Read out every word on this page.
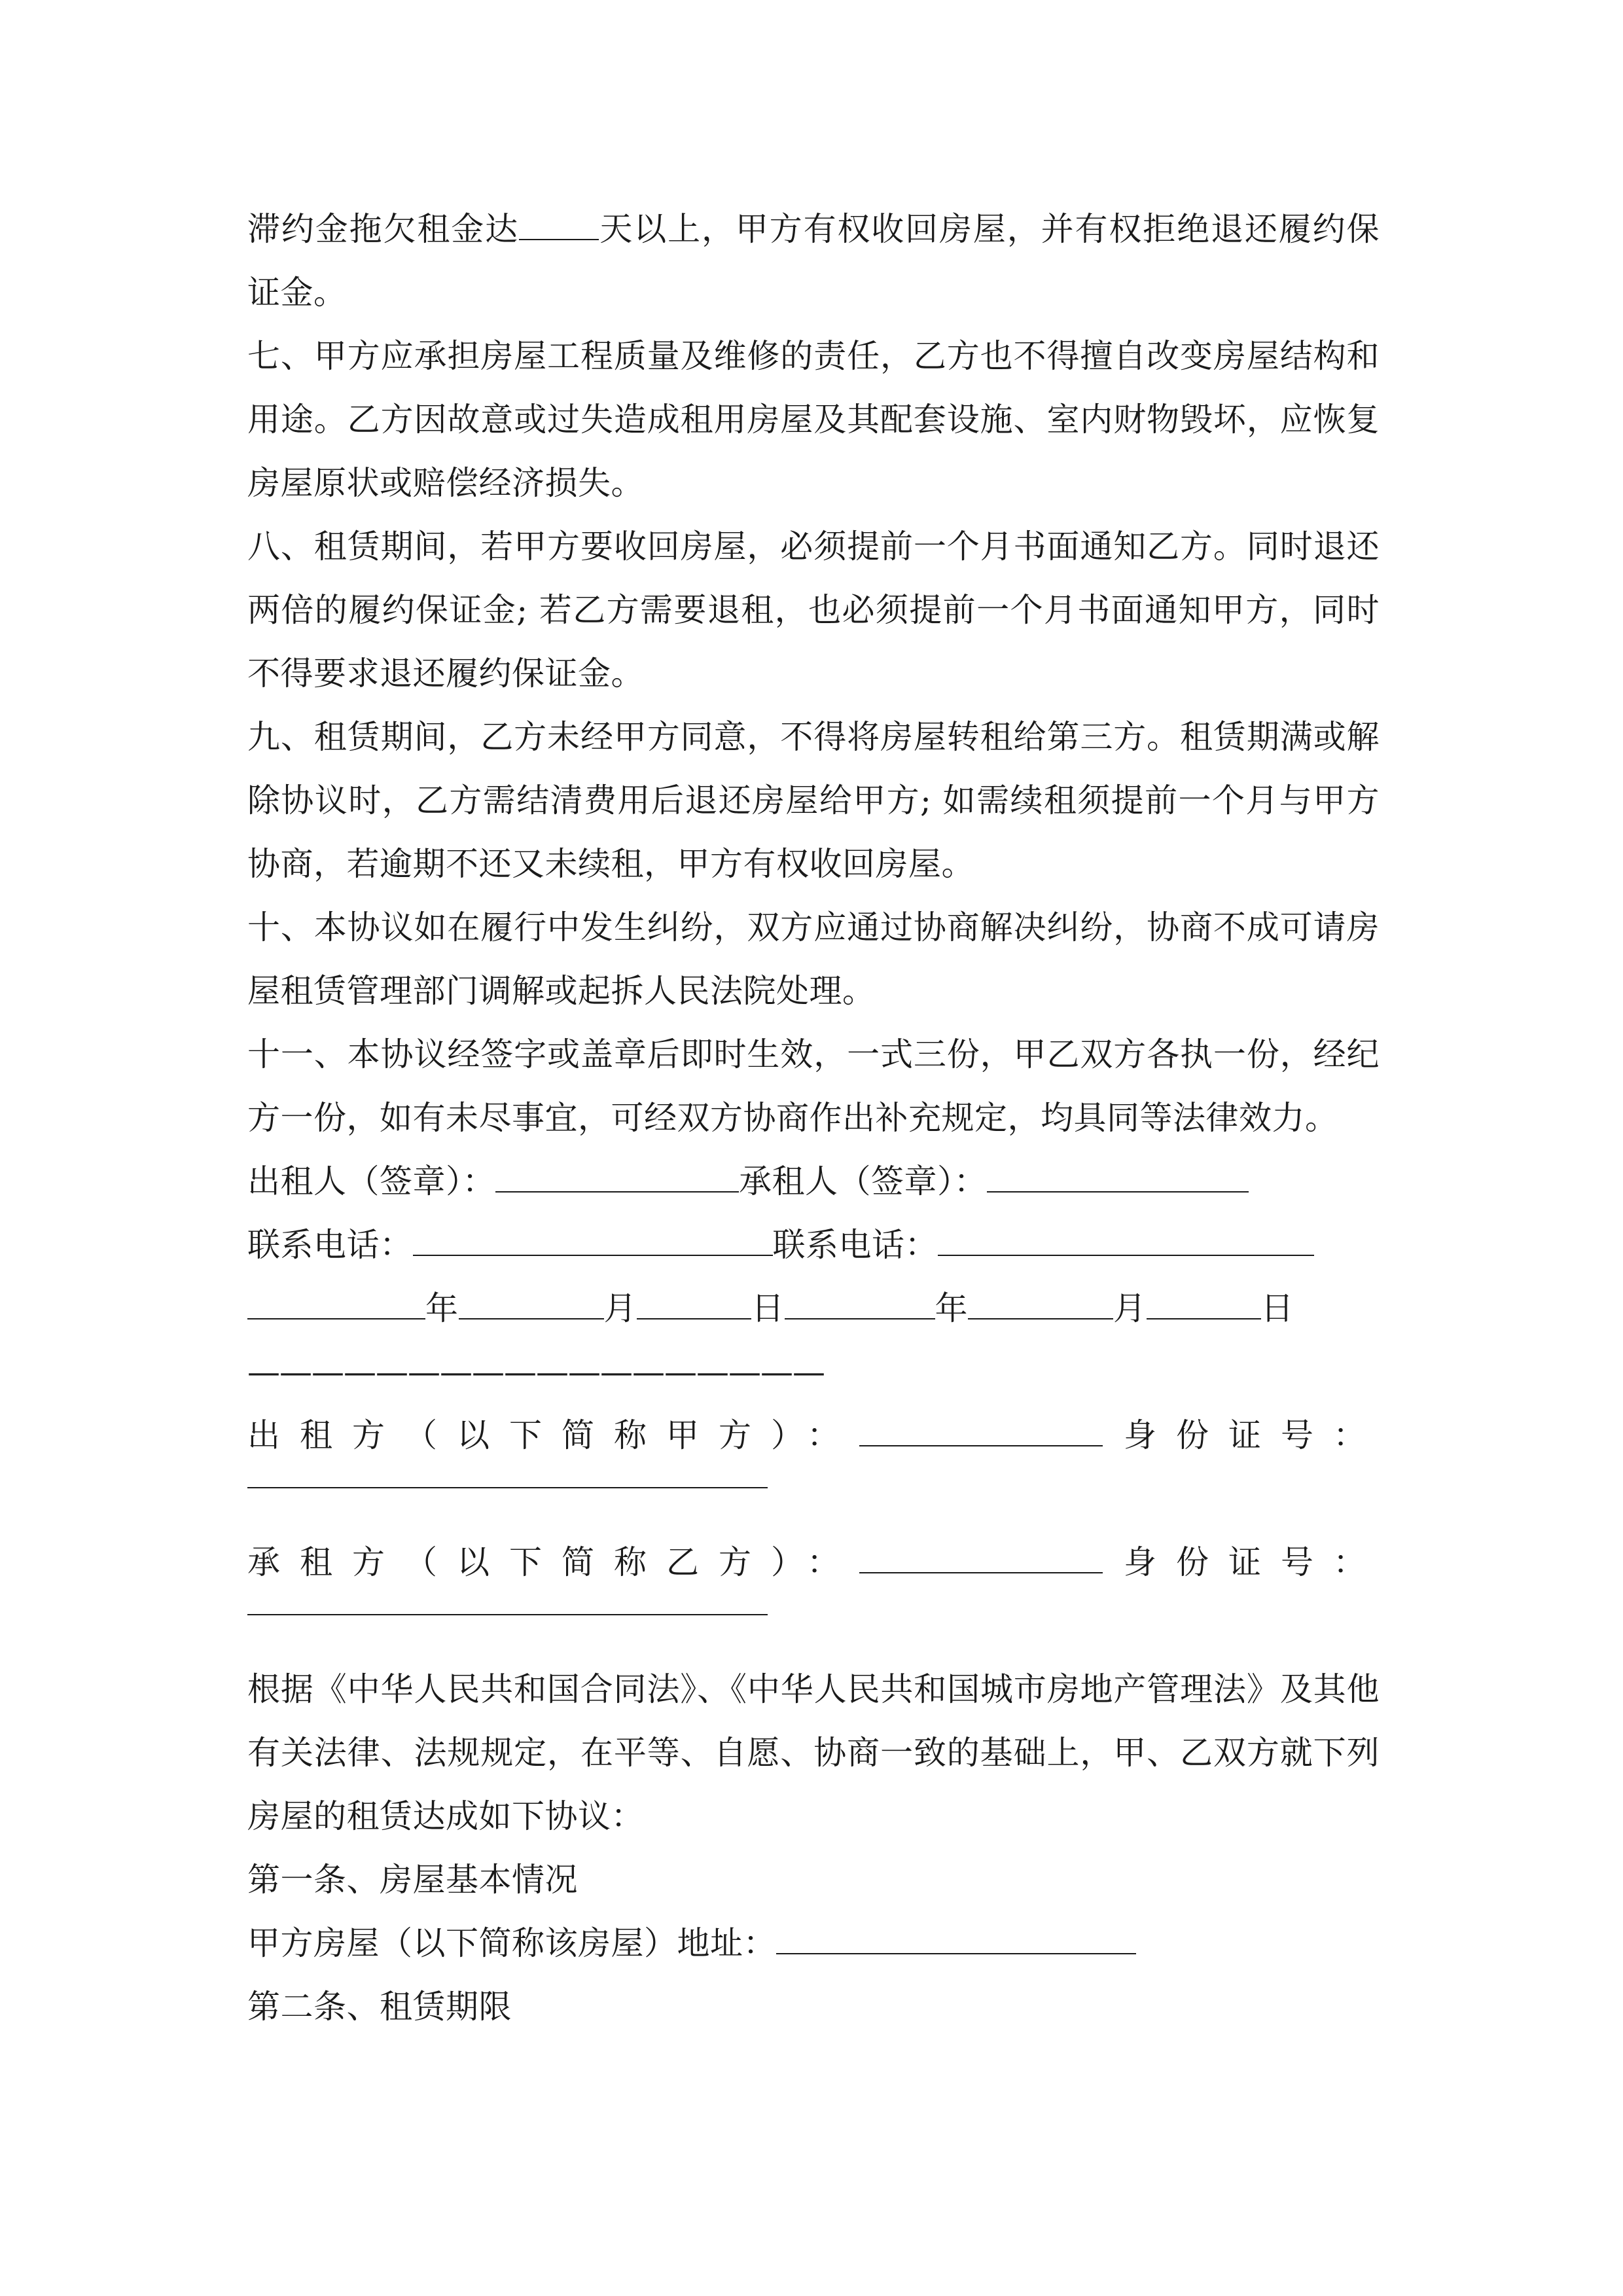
滞约金拖欠租金达 天以上，甲方有权收回房屋，并有权拒绝退还履约保证金。

七、甲方应承担房屋工程质量及维修的责任，乙方也不得擅自改变房屋结构和用途。乙方因故意或过失造成租用房屋及其配套设施、室内财物毁坏，应恢复房屋原状或赔偿经济损失。

八、租赁期间，若甲方要收回房屋，必须提前一个月书面通知乙方。同时退还两倍的履约保证金; 若乙方需要退租，也必须提前一个月书面通知甲方，同时不得要求退还履约保证金。

九、租赁期间，乙方未经甲方同意，不得将房屋转租给第三方。租赁期满或解除协议时，乙方需结清费用后退还房屋给甲方; 如需续租须提前一个月与甲方协商，若逾期不还又未续租，甲方有权收回房屋。

十、本协议如在履行中发生纠纷，双方应通过协商解决纠纷，协商不成可请房屋租赁管理部门调解或起拆人民法院处理。

十一、本协议经签字或盖章后即时生效，一式三份，甲乙双方各执一份，经纪方一份，如有未尽事宜，可经双方协商作出补充规定，均具同等法律效力。

出租人（签章）：	承租人（签章）：
联系电话：	联系电话：
年	月	日	年	月	日
——————————————————
出租方（以下简称甲方）：	身份证号：
承租方（以下简称乙方）：	身份证号：

根据《中华人民共和国合同法》、《中华人民共和国城市房地产管理法》及其他有关法律、法规规定，在平等、自愿、协商一致的基础上，甲、乙双方就下列房屋的租赁达成如下协议：

第一条、房屋基本情况
甲方房屋（以下简称该房屋）地址：
第二条、租赁期限
